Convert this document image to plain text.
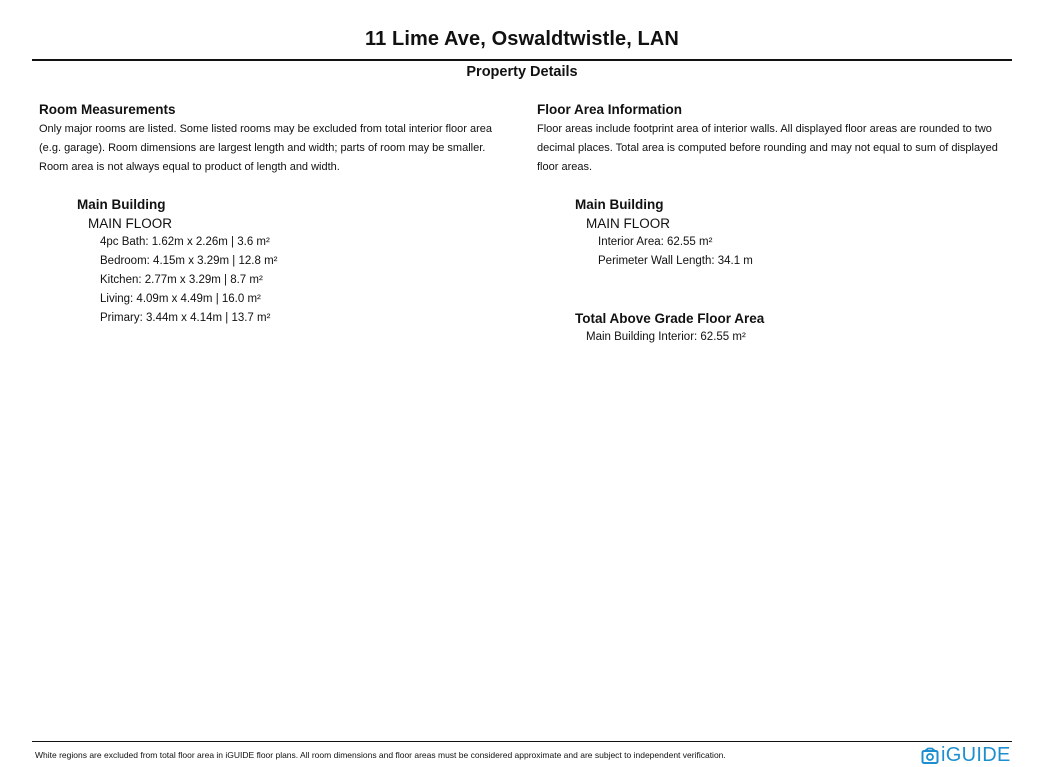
11 Lime Ave, Oswaldtwistle, LAN
Property Details
Room Measurements
Only major rooms are listed. Some listed rooms may be excluded from total interior floor area
(e.g. garage). Room dimensions are largest length and width; parts of room may be smaller.
Room area is not always equal to product of length and width.
Main Building
MAIN FLOOR
4pc Bath: 1.62m x 2.26m | 3.6 m²
Bedroom: 4.15m x 3.29m | 12.8 m²
Kitchen: 2.77m x 3.29m | 8.7 m²
Living: 4.09m x 4.49m | 16.0 m²
Primary: 3.44m x 4.14m | 13.7 m²
Floor Area Information
Floor areas include footprint area of interior walls. All displayed floor areas are rounded to two
decimal places. Total area is computed before rounding and may not equal to sum of displayed
floor areas.
Main Building
MAIN FLOOR
Interior Area: 62.55 m²
Perimeter Wall Length: 34.1 m
Total Above Grade Floor Area
Main Building Interior: 62.55 m²
White regions are excluded from total floor area in iGUIDE floor plans. All room dimensions and floor areas must be considered approximate and are subject to independent verification.	iGUIDE
